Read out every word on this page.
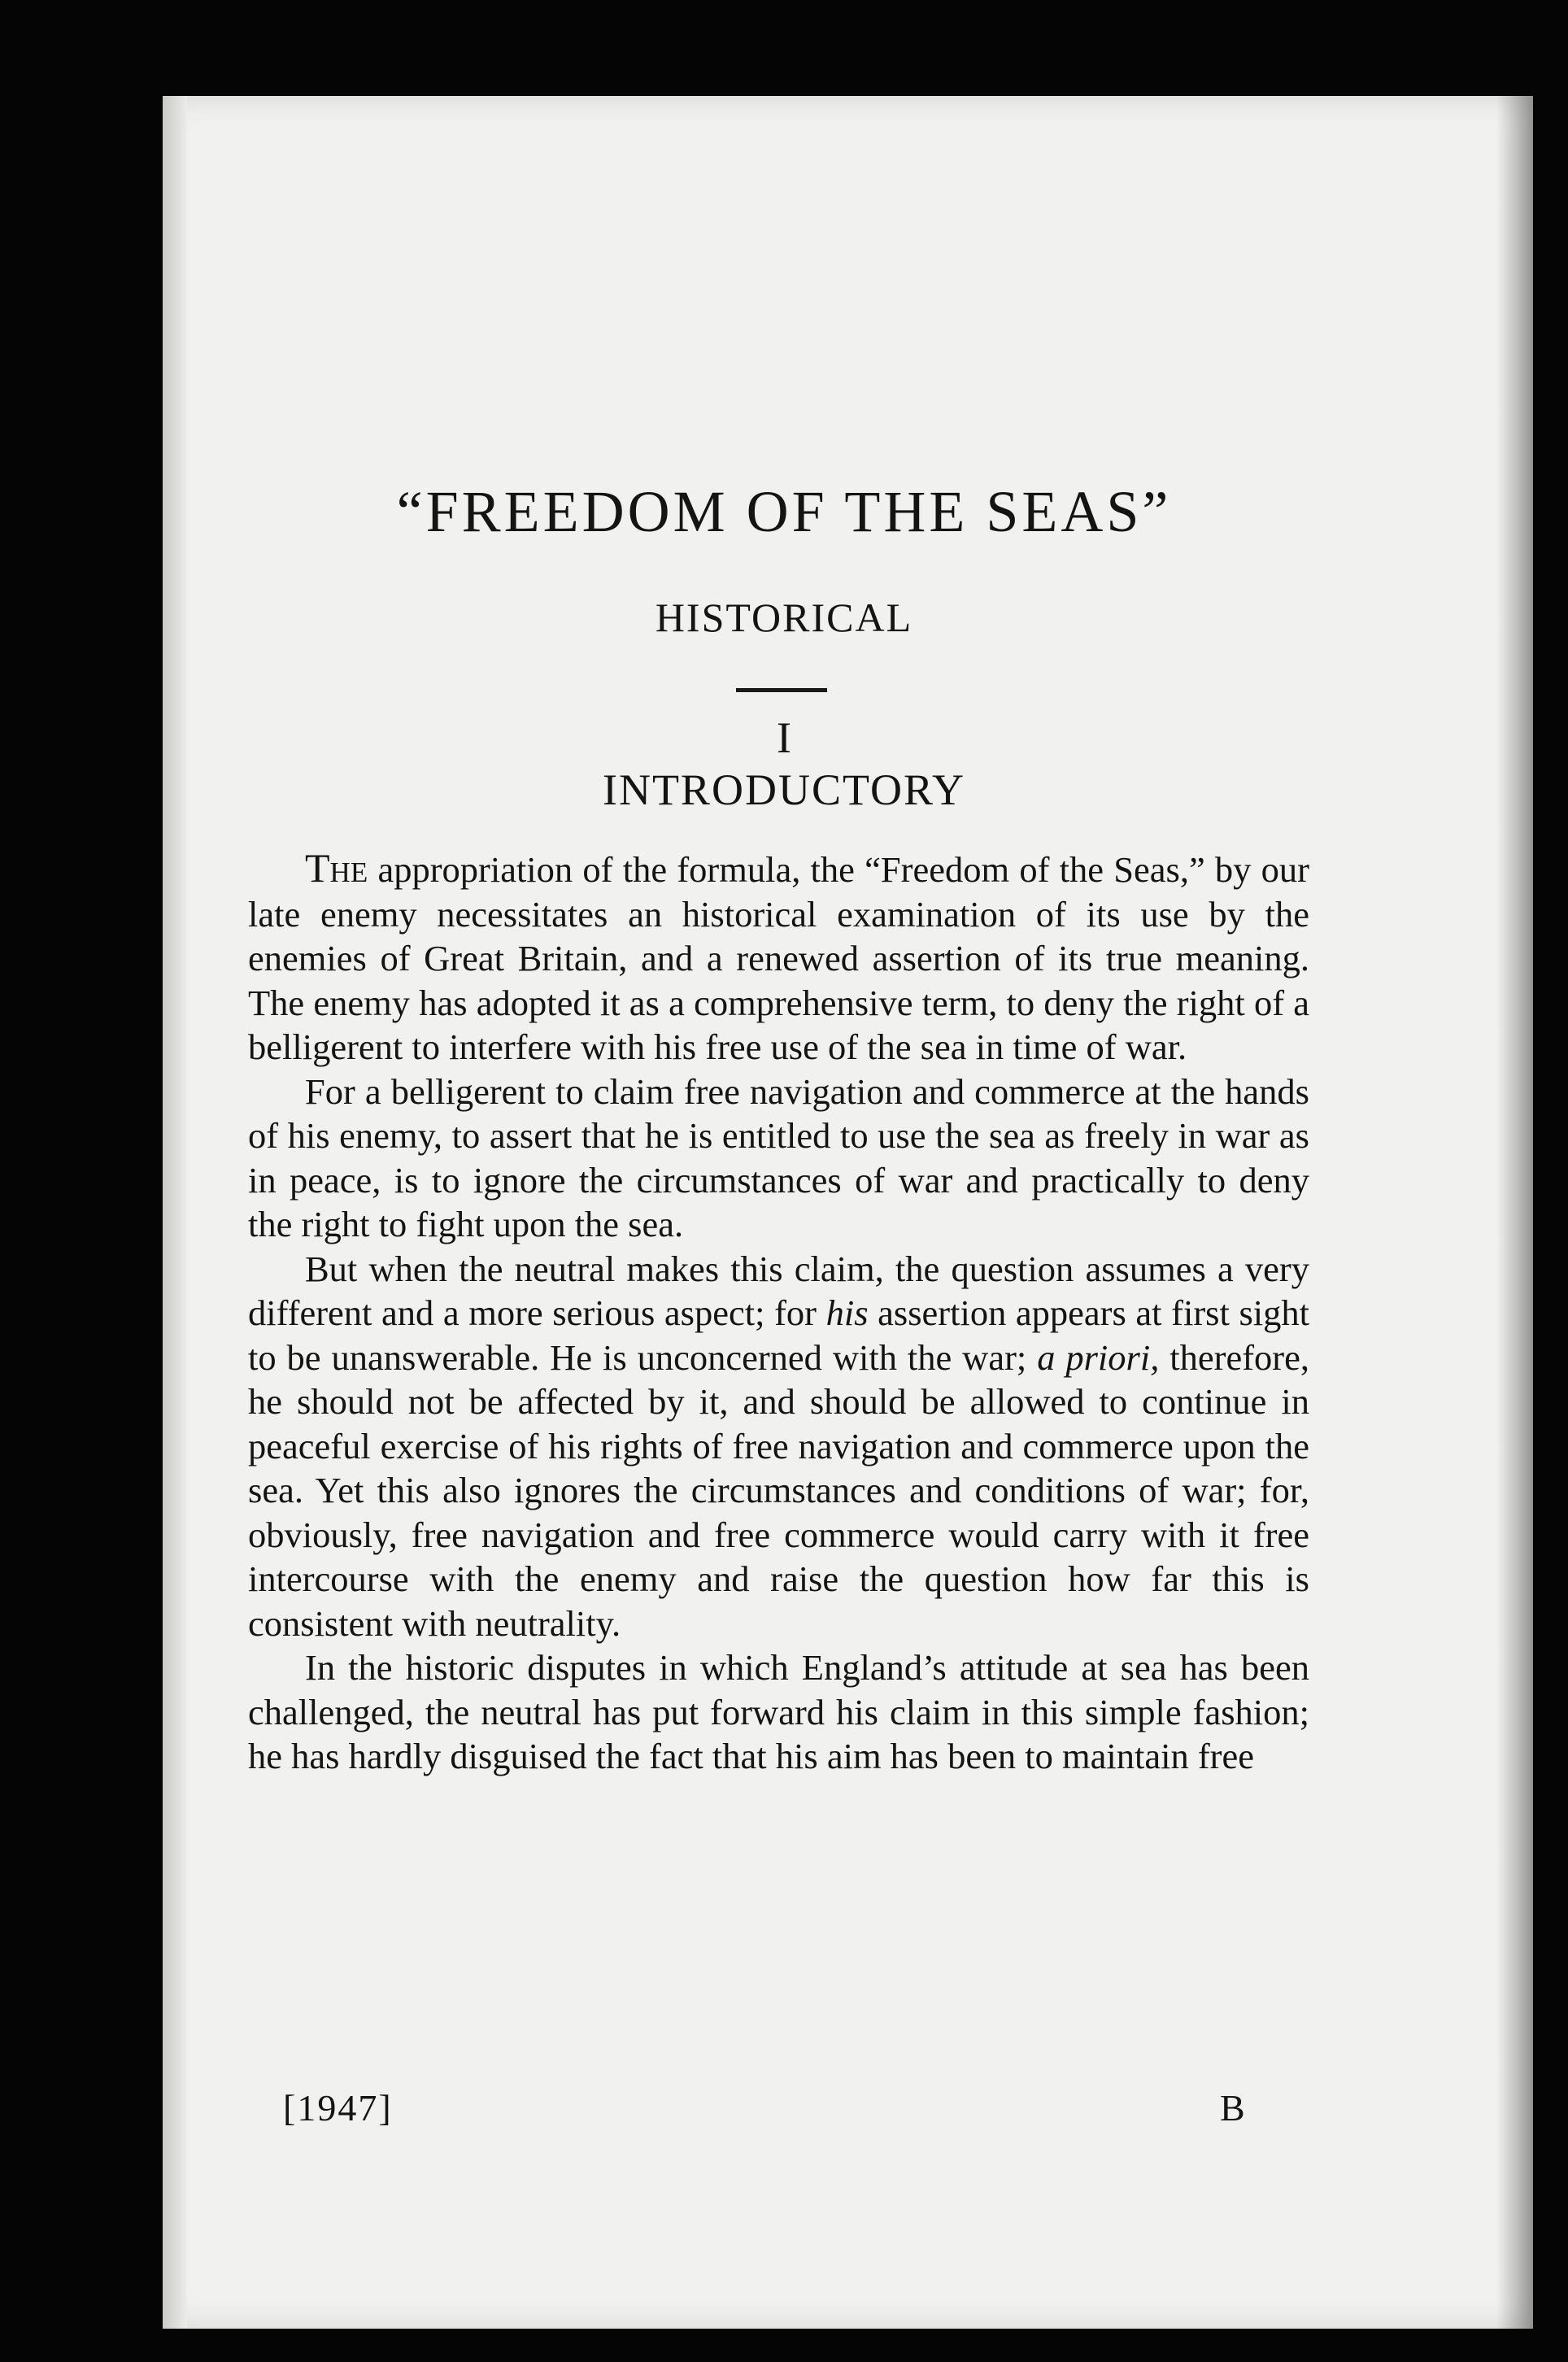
“FREEDOM OF THE SEAS”
HISTORICAL
I
INTRODUCTORY

The appropriation of the formula, the “Freedom of the Seas,” by our late enemy necessitates an historical examination of its use by the enemies of Great Britain, and a renewed assertion of its true meaning. The enemy has adopted it as a comprehensive term, to deny the right of a belligerent to interfere with his free use of the sea in time of war.

For a belligerent to claim free navigation and commerce at the hands of his enemy, to assert that he is entitled to use the sea as freely in war as in peace, is to ignore the circumstances of war and practically to deny the right to fight upon the sea.

But when the neutral makes this claim, the question assumes a very different and a more serious aspect; for his assertion appears at first sight to be unanswerable. He is unconcerned with the war; a priori, therefore, he should not be affected by it, and should be allowed to continue in peaceful exercise of his rights of free navigation and commerce upon the sea. Yet this also ignores the circumstances and conditions of war; for, obviously, free navigation and free commerce would carry with it free intercourse with the enemy and raise the question how far this is consistent with neutrality.

In the historic disputes in which England’s attitude at sea has been challenged, the neutral has put forward his claim in this simple fashion; he has hardly disguised the fact that his aim has been to maintain free

[1947]	B
